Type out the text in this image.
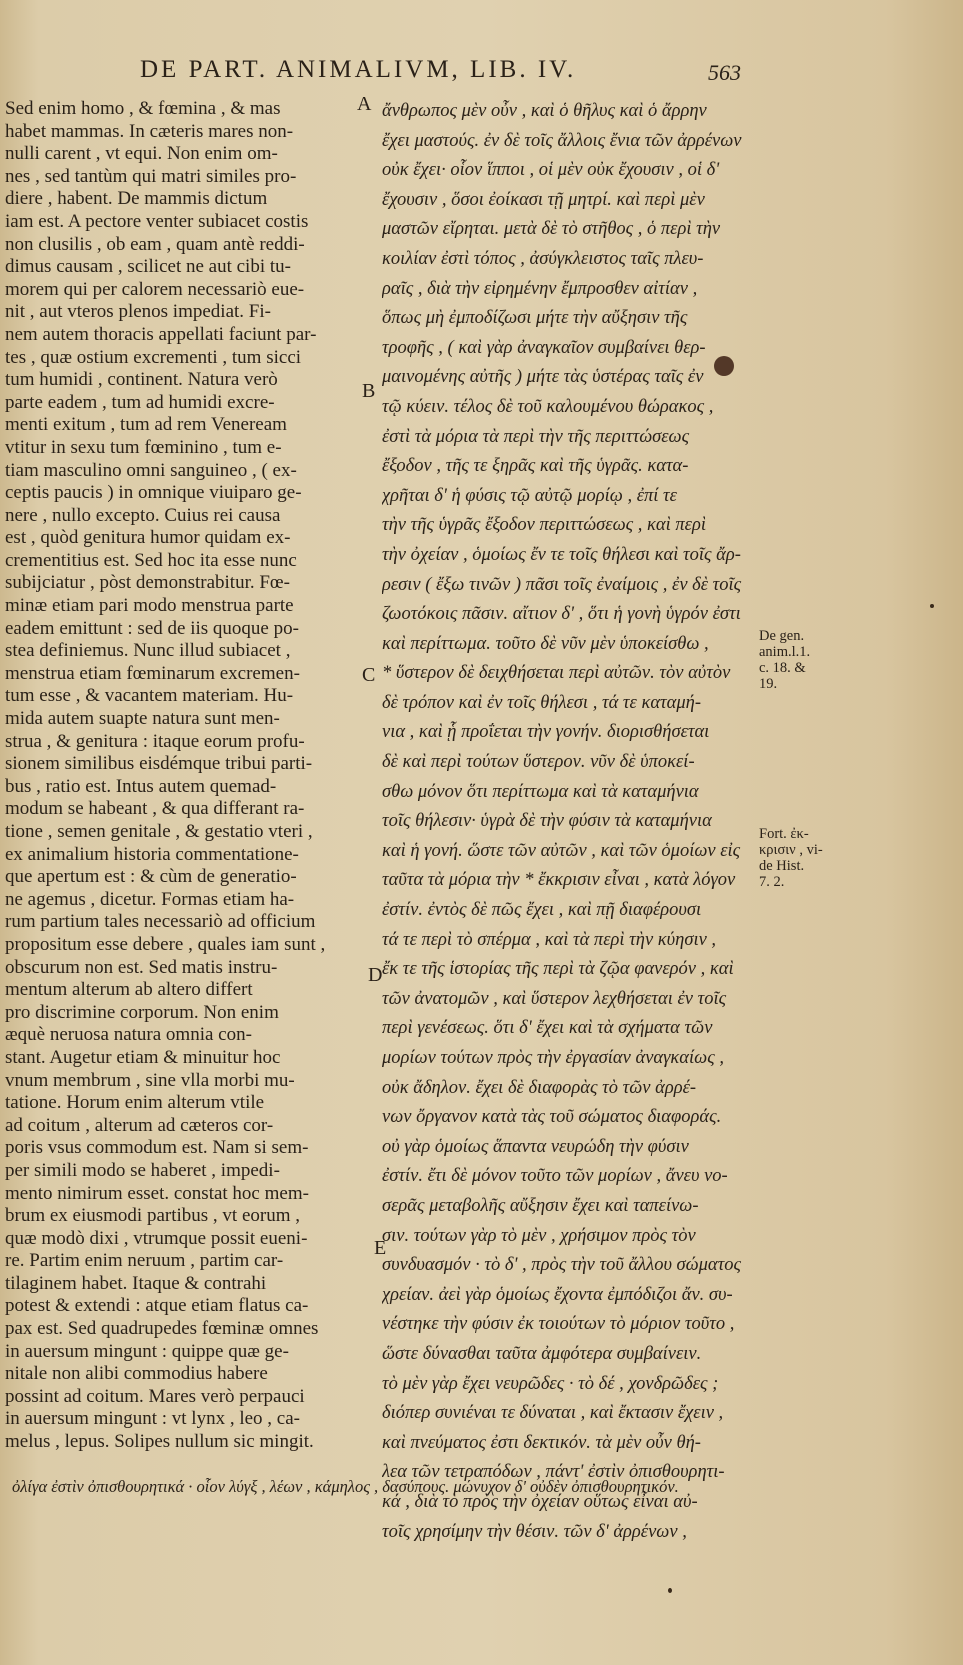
DE PART. ANIMALIVM, LIB. IV.	563
Sed enim homo , & fœmina , & mas
habet mammas. In cæteris mares non-
nulli carent , vt equi. Non enim om-
nes , sed tantùm qui matri similes pro-
diere , habent. De mammis dictum
iam est. A pectore venter subiacet costis
non clusilis , ob eam , quam antè reddi-
dimus causam , scilicet ne aut cibi tu-
morem qui per calorem necessariò eue-
nit , aut vteros plenos impediat. Fi-
nem autem thoracis appellati faciunt par-
tes , quæ ostium excrementi , tum sicci
tum humidi , continent. Natura verò
parte eadem , tum ad humidi excre-
menti exitum , tum ad rem Veneream
vtitur in sexu tum fœminino , tum e-
tiam masculino omni sanguineo , ( ex-
ceptis paucis ) in omnique viuiparo ge-
nere , nullo excepto. Cuius rei causa
est , quòd genitura humor quidam ex-
crementitius est. Sed hoc ita esse nunc
subijciatur , pòst demonstrabitur. Fœ-
minæ etiam pari modo menstrua parte
eadem emittunt : sed de iis quoque po-
stea definiemus. Nunc illud subiacet ,
menstrua etiam fœminarum excremen-
tum esse , & vacantem materiam. Hu-
mida autem suapte natura sunt men-
strua , & genitura : itaque eorum profu-
sionem similibus eisdémque tribui parti-
bus , ratio est. Intus autem quemad-
modum se habeant , & qua differant ra-
tione , semen genitale , & gestatio vteri ,
ex animalium historia commentatione-
que apertum est : & cùm de generatio-
ne agemus , dicetur. Formas etiam ha-
rum partium tales necessariò ad officium
propositum esse debere , quales iam sunt ,
obscurum non est. Sed matis instru-
mentum alterum ab altero differt
pro discrimine corporum. Non enim
æquè neruosa natura omnia con-
stant. Augetur etiam & minuitur hoc
vnum membrum , sine vlla morbi mu-
tatione. Horum enim alterum vtile
ad coitum , alterum ad cæteros cor-
poris vsus commodum est. Nam si sem-
per simili modo se haberet , impedi-
mento nimirum esset. constat hoc mem-
brum ex eiusmodi partibus , vt eorum ,
quæ modò dixi , vtrumque possit eueni-
re. Partim enim neruum , partim car-
tilaginem habet. Itaque & contrahi
potest & extendi : atque etiam flatus ca-
pax est. Sed quadrupedes fœminæ omnes
in auersum mingunt : quippe quæ ge-
nitale non alibi commodius habere
possint ad coitum. Mares verò perpauci
in auersum mingunt : vt lynx , leo , ca-
melus , lepus. Solipes nullum sic mingit.
ἄνθρωπος μὲν οὖν , καὶ ὁ θῆλυς καὶ ὁ ἄρρην
ἔχει μαστούς. ἐν δὲ τοῖς ἄλλοις ἔνια τῶν ἀρρένων
οὐκ ἔχει· οἷον ἵπποι , οἱ μὲν οὐκ ἔχουσιν , οἱ δ'
ἔχουσιν , ὅσοι ἐοίκασι τῇ μητρί. καὶ περὶ μὲν
μαστῶν εἴρηται. μετὰ δὲ τὸ στῆθος , ὁ περὶ τὴν
κοιλίαν ἐστὶ τόπος , ἀσύγκλειστος ταῖς πλευ-
ραῖς , διὰ τὴν εἰρημένην ἔμπροσθεν αἰτίαν ,
ὅπως μὴ ἐμποδίζωσι μήτε τὴν αὔξησιν τῆς
τροφῆς , ( καὶ γὰρ ἀναγκαῖον συμβαίνει θερ-
μαινομένης αὐτῆς ) μήτε τὰς ὑστέρας ταῖς ἐν
τῷ κύειν. τέλος δὲ τοῦ καλουμένου θώρακος ,
ἐστὶ τὰ μόρια τὰ περὶ τὴν τῆς περιττώσεως
ἔξοδον , τῆς τε ξηρᾶς καὶ τῆς ὑγρᾶς. κατα-
χρῆται δ' ἡ φύσις τῷ αὐτῷ μορίῳ , ἐπί τε
τὴν τῆς ὑγρᾶς ἔξοδον περιττώσεως , καὶ περὶ
τὴν ὀχείαν , ὁμοίως ἔν τε τοῖς θήλεσι καὶ τοῖς ἄρ-
ρεσιν ( ἔξω τινῶν ) πᾶσι τοῖς ἐναίμοις , ἐν δὲ τοῖς
ζωοτόκοις πᾶσιν. αἴτιον δ' , ὅτι ἡ γονὴ ὑγρόν ἐστι
καὶ περίττωμα. τοῦτο δὲ νῦν μὲν ὑποκείσθω ,
* ὕστερον δὲ δειχθήσεται περὶ αὐτῶν. τὸν αὐτὸν
δὲ τρόπον καὶ ἐν τοῖς θήλεσι , τά τε καταμή-
νια , καὶ ᾗ προΐεται τὴν γονήν. διορισθήσεται
δὲ καὶ περὶ τούτων ὕστερον. νῦν δὲ ὑποκεί-
σθω μόνον ὅτι περίττωμα καὶ τὰ καταμήνια
τοῖς θήλεσιν· ὑγρὰ δὲ τὴν φύσιν τὰ καταμήνια
καὶ ἡ γονή. ὥστε τῶν αὐτῶν , καὶ τῶν ὁμοίων εἰς
ταῦτα τὰ μόρια τὴν * ἔκκρισιν εἶναι , κατὰ λόγον
ἐστίν. ἐντὸς δὲ πῶς ἔχει , καὶ πῇ διαφέρουσι
τά τε περὶ τὸ σπέρμα , καὶ τὰ περὶ τὴν κύησιν ,
ἔκ τε τῆς ἱστορίας τῆς περὶ τὰ ζῷα φανερόν , καὶ
τῶν ἀνατομῶν , καὶ ὕστερον λεχθήσεται ἐν τοῖς
περὶ γενέσεως. ὅτι δ' ἔχει καὶ τὰ σχήματα τῶν
μορίων τούτων πρὸς τὴν ἐργασίαν ἀναγκαίως ,
οὐκ ἄδηλον. ἔχει δὲ διαφορὰς τὸ τῶν ἀρρέ-
νων ὄργανον κατὰ τὰς τοῦ σώματος διαφοράς.
οὐ γὰρ ὁμοίως ἅπαντα νευρώδη τὴν φύσιν
ἐστίν. ἔτι δὲ μόνον τοῦτο τῶν μορίων , ἄνευ νο-
σερᾶς μεταβολῆς αὔξησιν ἔχει καὶ ταπείνω-
σιν. τούτων γὰρ τὸ μὲν , χρήσιμον πρὸς τὸν
συνδυασμόν · τὸ δ' , πρὸς τὴν τοῦ ἄλλου σώματος
χρείαν. ἀεὶ γὰρ ὁμοίως ἔχοντα ἐμπόδιζοι ἄν. συ-
νέστηκε τὴν φύσιν ἐκ τοιούτων τὸ μόριον τοῦτο ,
ὥστε δύνασθαι ταῦτα ἀμφότερα συμβαίνειν.
τὸ μὲν γὰρ ἔχει νευρῶδες · τὸ δέ , χονδρῶδες ;
διόπερ συνιέναι τε δύναται , καὶ ἔκτασιν ἔχειν ,
καὶ πνεύματος ἐστι δεκτικόν. τὰ μὲν οὖν θή-
λεα τῶν τετραπόδων , πάντ' ἐστὶν ὀπισθουρητι-
κά , διὰ τὸ πρὸς τὴν ὀχείαν οὕτως εἶναι αὐ-
τοῖς χρησίμην τὴν θέσιν. τῶν δ' ἀρρένων ,
A
B
C
D
E
De gen.
anim.l.1.
c. 18. &
19.
Fort. ἐκ-
κρισιν , vi-
de Hist.
7. 2.
ὀλίγα ἐστὶν ὀπισθουρητικά · οἷον λύγξ , λέων , κάμηλος , δασύπους. μώνυχον δ' οὐδὲν ὀπισθουρητικόν.
